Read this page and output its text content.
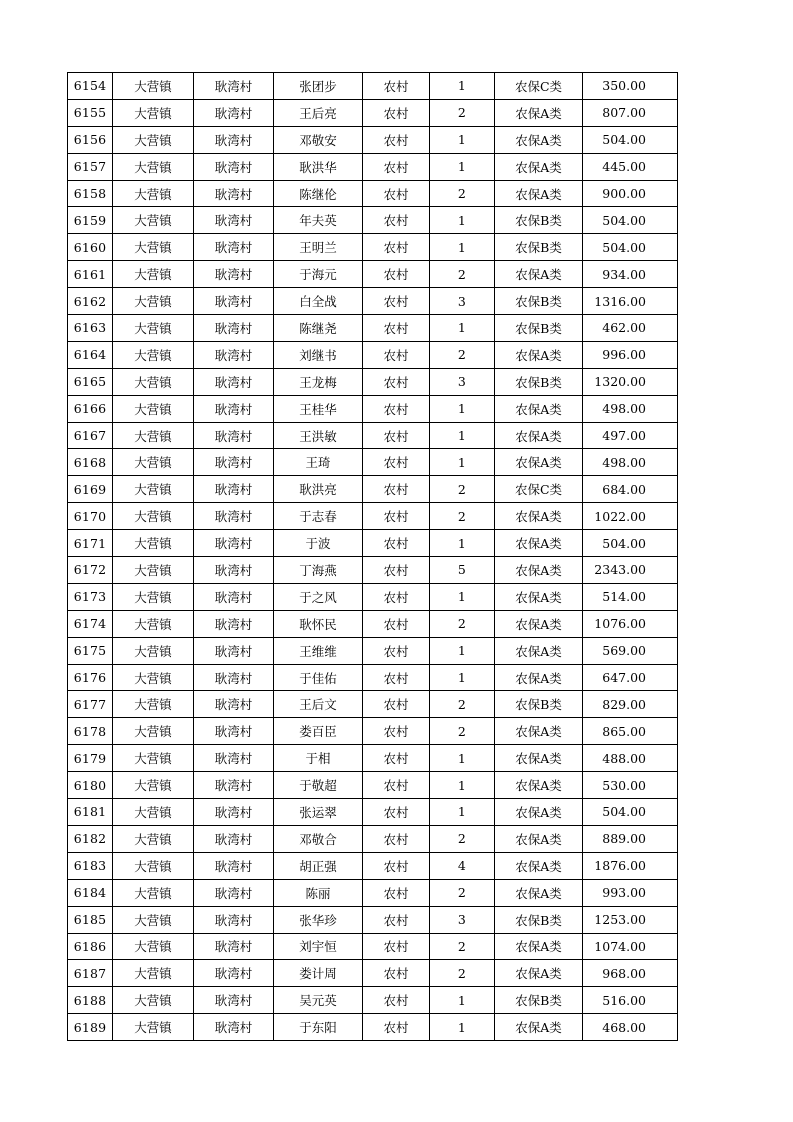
6154	大营镇	耿湾村	张团步	农村	1	农保C类	350.00
6155	大营镇	耿湾村	王后亮	农村	2	农保A类	807.00
6156	大营镇	耿湾村	邓敬安	农村	1	农保A类	504.00
6157	大营镇	耿湾村	耿洪华	农村	1	农保A类	445.00
6158	大营镇	耿湾村	陈继伦	农村	2	农保A类	900.00
6159	大营镇	耿湾村	年夫英	农村	1	农保B类	504.00
6160	大营镇	耿湾村	王明兰	农村	1	农保B类	504.00
6161	大营镇	耿湾村	于海元	农村	2	农保A类	934.00
6162	大营镇	耿湾村	白全战	农村	3	农保B类	1316.00
6163	大营镇	耿湾村	陈继尧	农村	1	农保B类	462.00
6164	大营镇	耿湾村	刘继书	农村	2	农保A类	996.00
6165	大营镇	耿湾村	王龙梅	农村	3	农保B类	1320.00
6166	大营镇	耿湾村	王桂华	农村	1	农保A类	498.00
6167	大营镇	耿湾村	王洪敏	农村	1	农保A类	497.00
6168	大营镇	耿湾村	王琦	农村	1	农保A类	498.00
6169	大营镇	耿湾村	耿洪亮	农村	2	农保C类	684.00
6170	大营镇	耿湾村	于志春	农村	2	农保A类	1022.00
6171	大营镇	耿湾村	于波	农村	1	农保A类	504.00
6172	大营镇	耿湾村	丁海燕	农村	5	农保A类	2343.00
6173	大营镇	耿湾村	于之风	农村	1	农保A类	514.00
6174	大营镇	耿湾村	耿怀民	农村	2	农保A类	1076.00
6175	大营镇	耿湾村	王维维	农村	1	农保A类	569.00
6176	大营镇	耿湾村	于佳佑	农村	1	农保A类	647.00
6177	大营镇	耿湾村	王后文	农村	2	农保B类	829.00
6178	大营镇	耿湾村	娄百臣	农村	2	农保A类	865.00
6179	大营镇	耿湾村	于相	农村	1	农保A类	488.00
6180	大营镇	耿湾村	于敬超	农村	1	农保A类	530.00
6181	大营镇	耿湾村	张运翠	农村	1	农保A类	504.00
6182	大营镇	耿湾村	邓敬合	农村	2	农保A类	889.00
6183	大营镇	耿湾村	胡正强	农村	4	农保A类	1876.00
6184	大营镇	耿湾村	陈丽	农村	2	农保A类	993.00
6185	大营镇	耿湾村	张华珍	农村	3	农保B类	1253.00
6186	大营镇	耿湾村	刘宇恒	农村	2	农保A类	1074.00
6187	大营镇	耿湾村	娄计周	农村	2	农保A类	968.00
6188	大营镇	耿湾村	吴元英	农村	1	农保B类	516.00
6189	大营镇	耿湾村	于东阳	农村	1	农保A类	468.00
